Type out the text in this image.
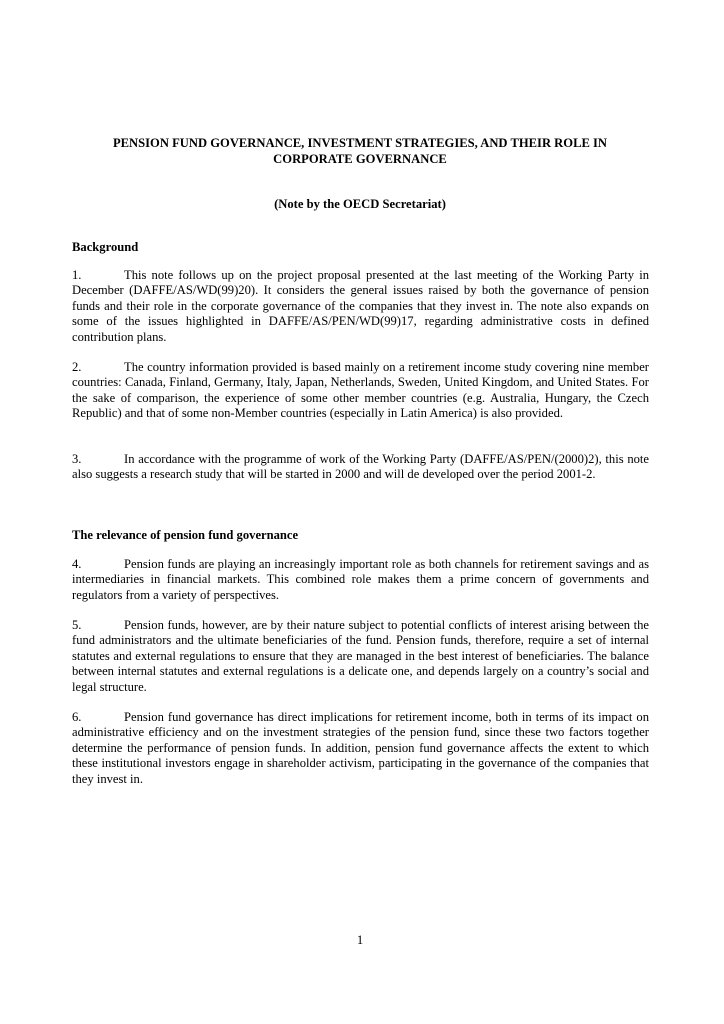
PENSION FUND GOVERNANCE, INVESTMENT STRATEGIES, AND THEIR ROLE IN CORPORATE GOVERNANCE
(Note by the OECD Secretariat)
Background

1.	This note follows up on the project proposal presented at the last meeting of the Working Party in December (DAFFE/AS/WD(99)20). It considers the general issues raised by both the governance of pension funds and their role in the corporate governance of the companies that they invest in. The note also expands on some of the issues highlighted in DAFFE/AS/PEN/WD(99)17, regarding administrative costs in defined contribution plans.

2.	The country information provided is based mainly on a retirement income study covering nine member countries: Canada, Finland, Germany, Italy, Japan, Netherlands, Sweden, United Kingdom, and United States. For the sake of comparison, the experience of some other member countries (e.g. Australia, Hungary, the Czech Republic) and that of some non-Member countries (especially in Latin America) is also provided.

3.	In accordance with the programme of work of the Working Party (DAFFE/AS/PEN/(2000)2), this note also suggests a research study that will be started in 2000 and will de developed over the period 2001-2.

The relevance of pension fund governance

4.	Pension funds are playing an increasingly important role as both channels for retirement savings and as intermediaries in financial markets. This combined role makes them a prime concern of governments and regulators from a variety of perspectives.

5.	Pension funds, however, are by their nature subject to potential conflicts of interest arising between the fund administrators and the ultimate beneficiaries of the fund. Pension funds, therefore, require a set of internal statutes and external regulations to ensure that they are managed in the best interest of beneficiaries. The balance between internal statutes and external regulations is a delicate one, and depends largely on a country’s social and legal structure.

6.	Pension fund governance has direct implications for retirement income, both in terms of its impact on administrative efficiency and on the investment strategies of the pension fund, since these two factors together determine the performance of pension funds. In addition, pension fund governance affects the extent to which these institutional investors engage in shareholder activism, participating in the governance of the companies that they invest in.

1
